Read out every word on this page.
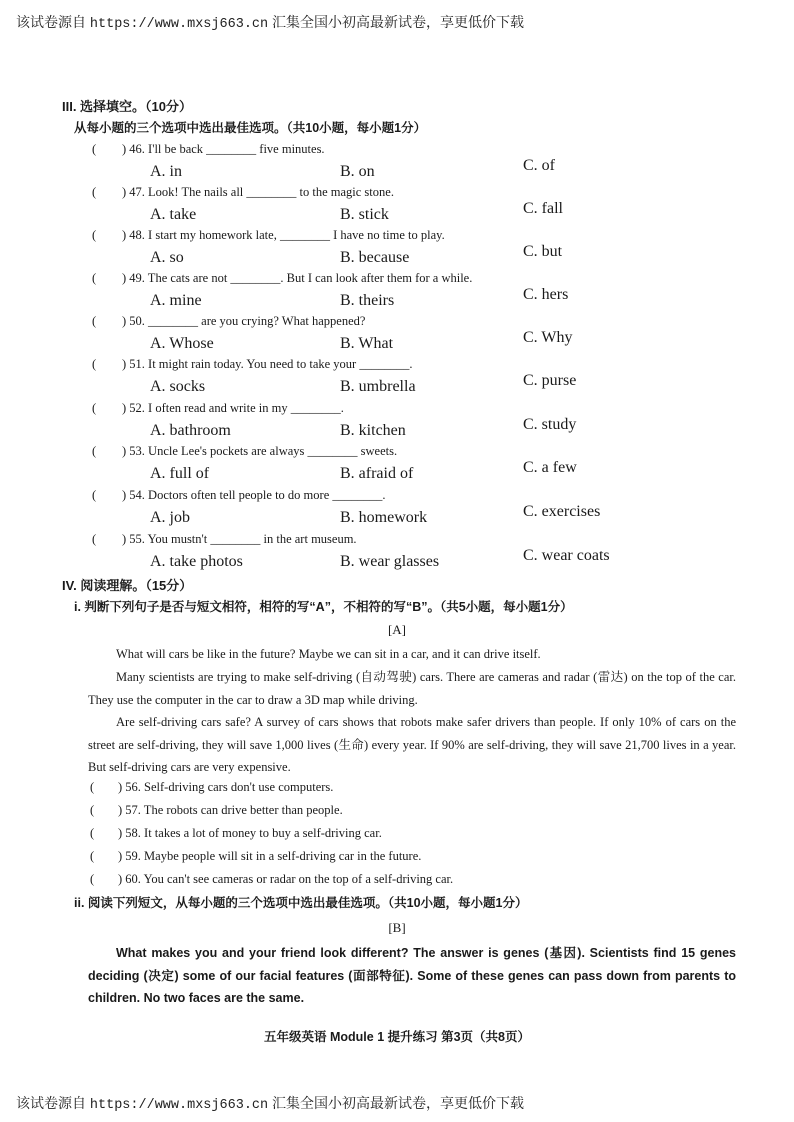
该试卷源自 https://www.mxsj663.cn 汇集全国小初高最新试卷，享更低价下载
III. 选择填空。（10分）
从每小题的三个选项中选出最佳选项。（共10小题，每小题1分）
( ) 46. I'll be back ________ five minutes.
A. in	B. on	C. of
( ) 47. Look! The nails all ________ to the magic stone.
A. take	B. stick	C. fall
( ) 48. I start my homework late, ________ I have no time to play.
A. so	B. because	C. but
( ) 49. The cats are not ________. But I can look after them for a while.
A. mine	B. theirs	C. hers
( ) 50. ________ are you crying? What happened?
A. Whose	B. What	C. Why
( ) 51. It might rain today. You need to take your ________.
A. socks	B. umbrella	C. purse
( ) 52. I often read and write in my ________.
A. bathroom	B. kitchen	C. study
( ) 53. Uncle Lee's pockets are always ________ sweets.
A. full of	B. afraid of	C. a few
( ) 54. Doctors often tell people to do more ________.
A. job	B. homework	C. exercises
( ) 55. You mustn't ________ in the art museum.
A. take photos	B. wear glasses	C. wear coats
IV. 阅读理解。（15分）
i. 判断下列句子是否与短文相符，相符的写“A”，不相符的写“B”。（共5小题，每小题1分）
[A]
What will cars be like in the future? Maybe we can sit in a car, and it can drive itself.
Many scientists are trying to make self-driving (自动驾驶) cars. There are cameras and radar (雷达) on the top of the car. They use the computer in the car to draw a 3D map while driving.
Are self-driving cars safe? A survey of cars shows that robots make safer drivers than people. If only 10% of cars on the street are self-driving, they will save 1,000 lives (生命) every year. If 90% are self-driving, they will save 21,700 lives in a year. But self-driving cars are very expensive.
( ) 56. Self-driving cars don't use computers.
( ) 57. The robots can drive better than people.
( ) 58. It takes a lot of money to buy a self-driving car.
( ) 59. Maybe people will sit in a self-driving car in the future.
( ) 60. You can't see cameras or radar on the top of a self-driving car.
ii. 阅读下列短文，从每小题的三个选项中选出最佳选项。（共10小题，每小题1分）
[B]
What makes you and your friend look different? The answer is genes (基因). Scientists find 15 genes deciding (决定) some of our facial features (面部特征). Some of these genes can pass down from parents to children. No two faces are the same.
五年级英语 Module 1 提升练习 第3页（共8页）
该试卷源自 https://www.mxsj663.cn 汇集全国小初高最新试卷，享更低价下载
